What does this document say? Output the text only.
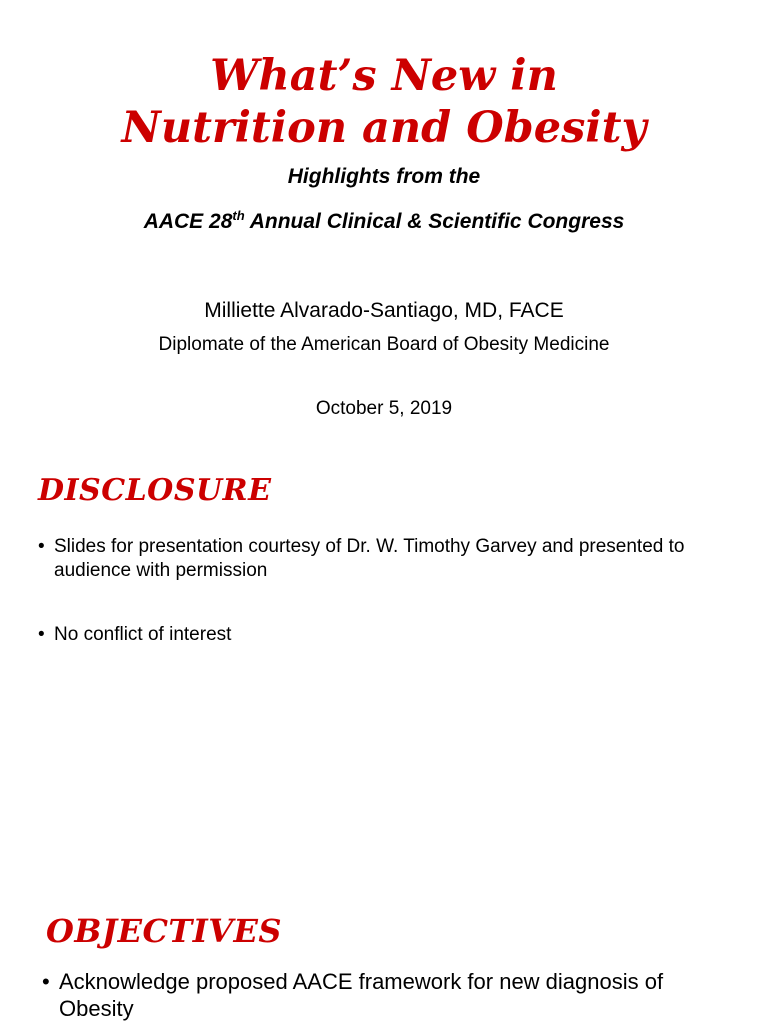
What’s New in
Nutrition and Obesity

Highlights from the

AACE 28th Annual Clinical & Scientific Congress

Milliette Alvarado-Santiago, MD, FACE

Diplomate of the American Board of Obesity Medicine

October 5, 2019

DISCLOSURE
• Slides for presentation courtesy of Dr. W. Timothy Garvey and presented to audience with permission
• No conflict of interest
OBJECTIVES
• Acknowledge proposed AACE framework for new diagnosis of Obesity
